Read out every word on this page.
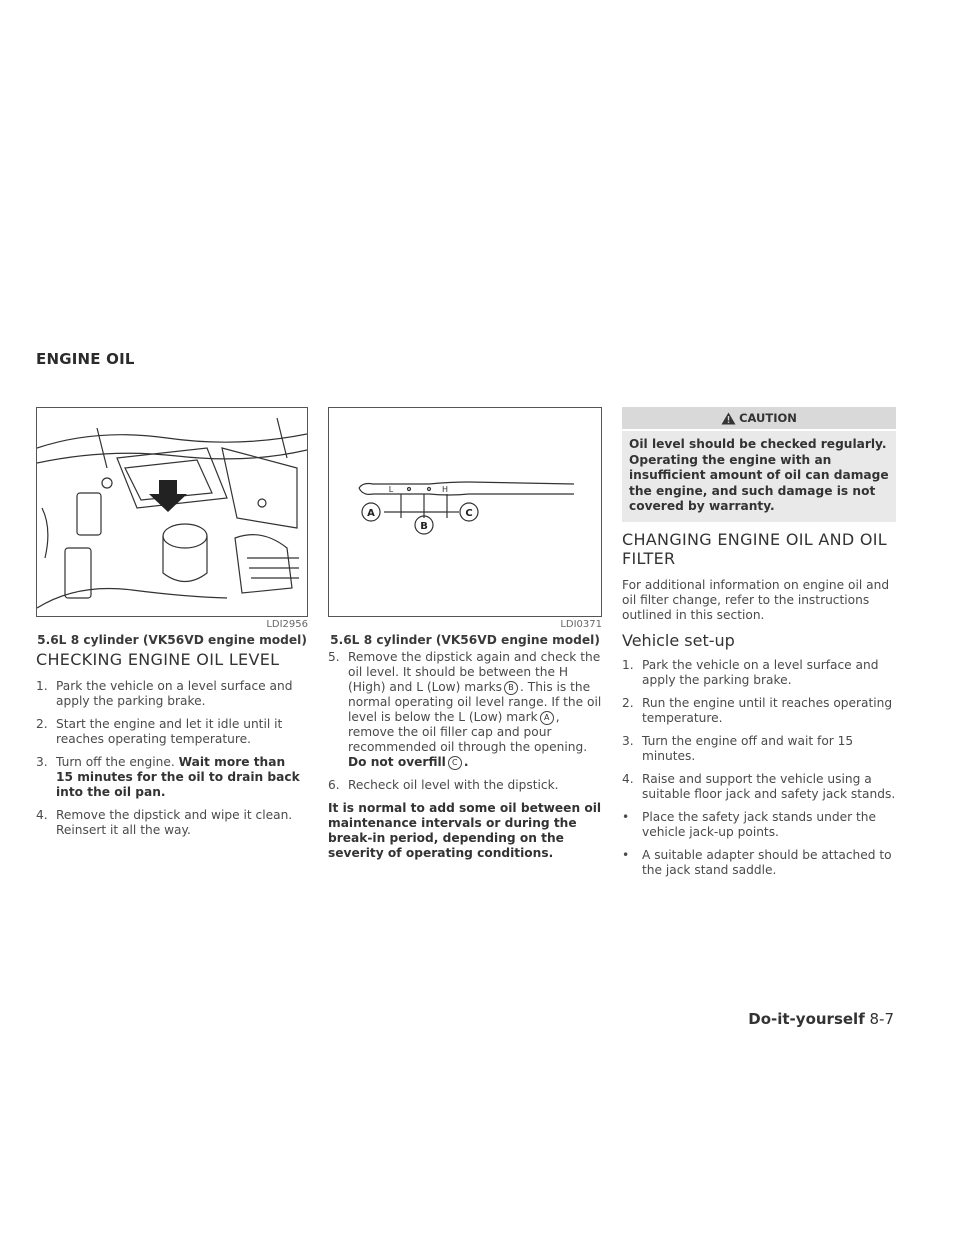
ENGINE OIL
LDI2956
5.6L 8 cylinder (VK56VD engine model)
A
B
C
L	H
LDI0371
5.6L 8 cylinder (VK56VD engine model)
CHECKING ENGINE OIL LEVEL
1. Park the vehicle on a level surface and apply the parking brake.
2. Start the engine and let it idle until it reaches operating temperature.
3. Turn off the engine. Wait more than 15 minutes for the oil to drain back into the oil pan.
4. Remove the dipstick and wipe it clean. Reinsert it all the way.
5. Remove the dipstick again and check the oil level. It should be between the H (High) and L (Low) marks B . This is the normal operating oil level range. If the oil level is below the L (Low) mark A , remove the oil filler cap and pour recommended oil through the opening. Do not overfill C .
6. Recheck oil level with the dipstick.

It is normal to add some oil between oil maintenance intervals or during the break-in period, depending on the severity of operating conditions.

CAUTION
Oil level should be checked regularly. Operating the engine with an insufficient amount of oil can damage the engine, and such damage is not covered by warranty.
CHANGING ENGINE OIL AND OIL FILTER

For additional information on engine oil and oil filter change, refer to the instructions outlined in this section.

Vehicle set-up
1. Park the vehicle on a level surface and apply the parking brake.
2. Run the engine until it reaches operating temperature.
3. Turn the engine off and wait for 15 minutes.
4. Raise and support the vehicle using a suitable floor jack and safety jack stands.
• Place the safety jack stands under the vehicle jack-up points.
• A suitable adapter should be attached to the jack stand saddle.
Do-it-yourself 8-7
